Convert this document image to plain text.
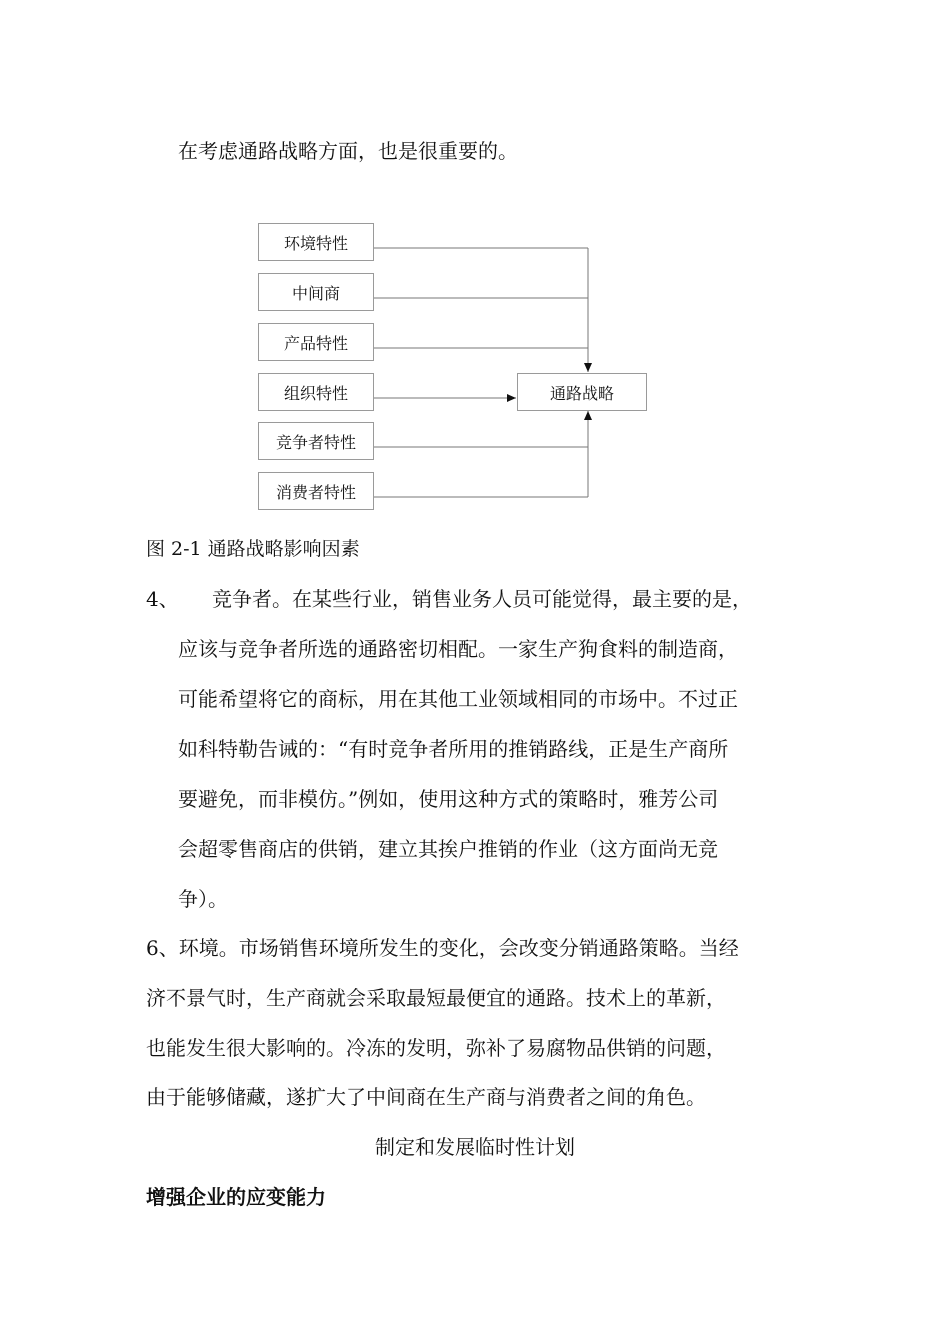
在考虑通路战略方面，也是很重要的。
环境特性
中间商
产品特性
组织特性
竞争者特性
消费者特性
通路战略
图 2-1 通路战略影响因素
4、 竞争者。在某些行业，销售业务人员可能觉得，最主要的是，
应该与竞争者所选的通路密切相配。一家生产狗食料的制造商，
可能希望将它的商标，用在其他工业领域相同的市场中。不过正
如科特勒告诫的：“有时竞争者所用的推销路线，正是生产商所
要避免，而非模仿。”例如，使用这种方式的策略时，雅芳公司
会超零售商店的供销，建立其挨户推销的作业（这方面尚无竞
争）。
6、环境。市场销售环境所发生的变化，会改变分销通路策略。当经
济不景气时，生产商就会采取最短最便宜的通路。技术上的革新，
也能发生很大影响的。冷冻的发明，弥补了易腐物品供销的问题，
由于能够储藏，遂扩大了中间商在生产商与消费者之间的角色。
制定和发展临时性计划
增强企业的应变能力
